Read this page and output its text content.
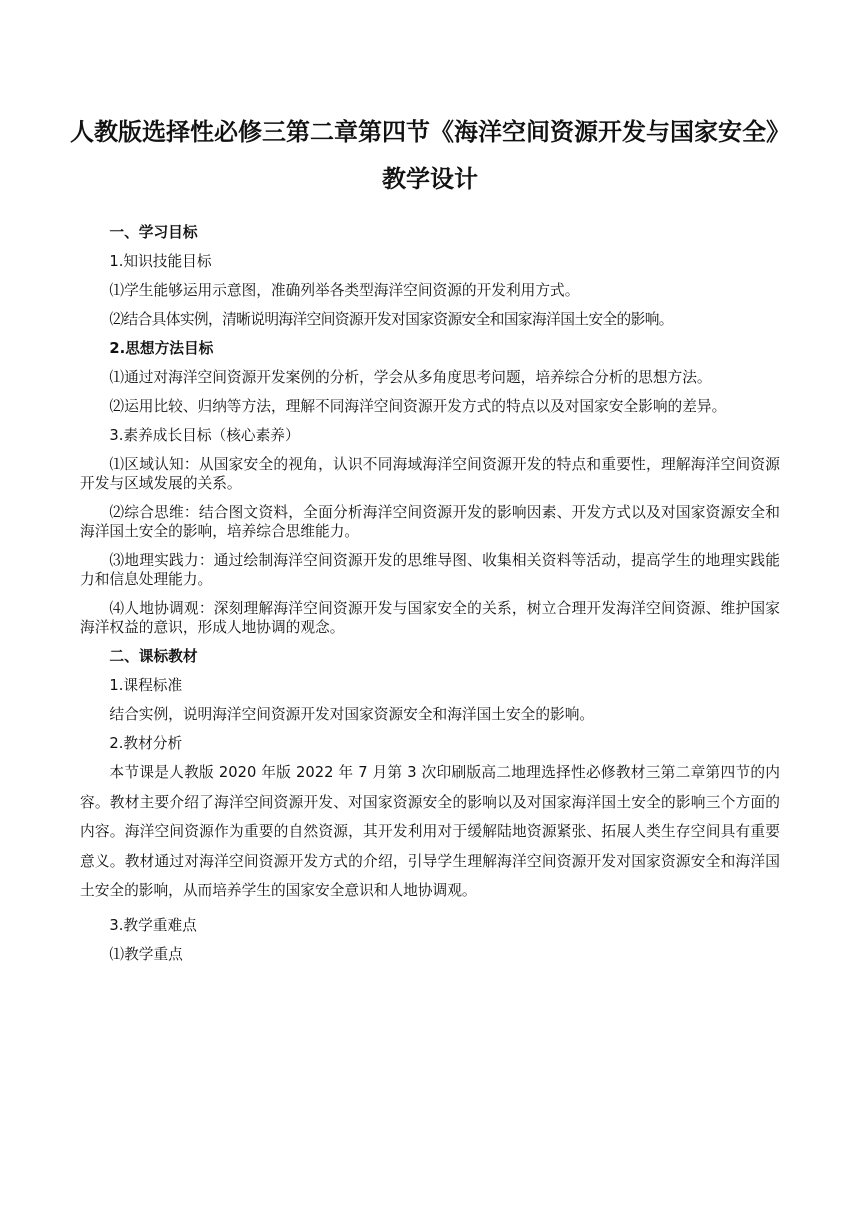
人教版选择性必修三第二章第四节《海洋空间资源开发与国家安全》
教学设计
一、学习目标
1.知识技能目标
⑴学生能够运用示意图，准确列举各类型海洋空间资源的开发利用方式。
⑵结合具体实例，清晰说明海洋空间资源开发对国家资源安全和国家海洋国土安全的影响。
2.思想方法目标
⑴通过对海洋空间资源开发案例的分析，学会从多角度思考问题，培养综合分析的思想方法。
⑵运用比较、归纳等方法，理解不同海洋空间资源开发方式的特点以及对国家安全影响的差异。
3.素养成长目标（核心素养）
⑴区域认知：从国家安全的视角，认识不同海域海洋空间资源开发的特点和重要性，理解海洋空间资源开发与区域发展的关系。
⑵综合思维：结合图文资料，全面分析海洋空间资源开发的影响因素、开发方式以及对国家资源安全和海洋国土安全的影响，培养综合思维能力。
⑶地理实践力：通过绘制海洋空间资源开发的思维导图、收集相关资料等活动，提高学生的地理实践能力和信息处理能力。
⑷人地协调观：深刻理解海洋空间资源开发与国家安全的关系，树立合理开发海洋空间资源、维护国家海洋权益的意识，形成人地协调的观念。
二、课标教材
1.课程标准
结合实例，说明海洋空间资源开发对国家资源安全和海洋国土安全的影响。
2.教材分析
本节课是人教版 2020 年版 2022 年 7 月第 3 次印刷版高二地理选择性必修教材三第二章第四节的内容。教材主要介绍了海洋空间资源开发、对国家资源安全的影响以及对国家海洋国土安全的影响三个方面的内容。海洋空间资源作为重要的自然资源，其开发利用对于缓解陆地资源紧张、拓展人类生存空间具有重要意义。教材通过对海洋空间资源开发方式的介绍，引导学生理解海洋空间资源开发对国家资源安全和海洋国土安全的影响，从而培养学生的国家安全意识和人地协调观。
3.教学重难点
⑴教学重点
